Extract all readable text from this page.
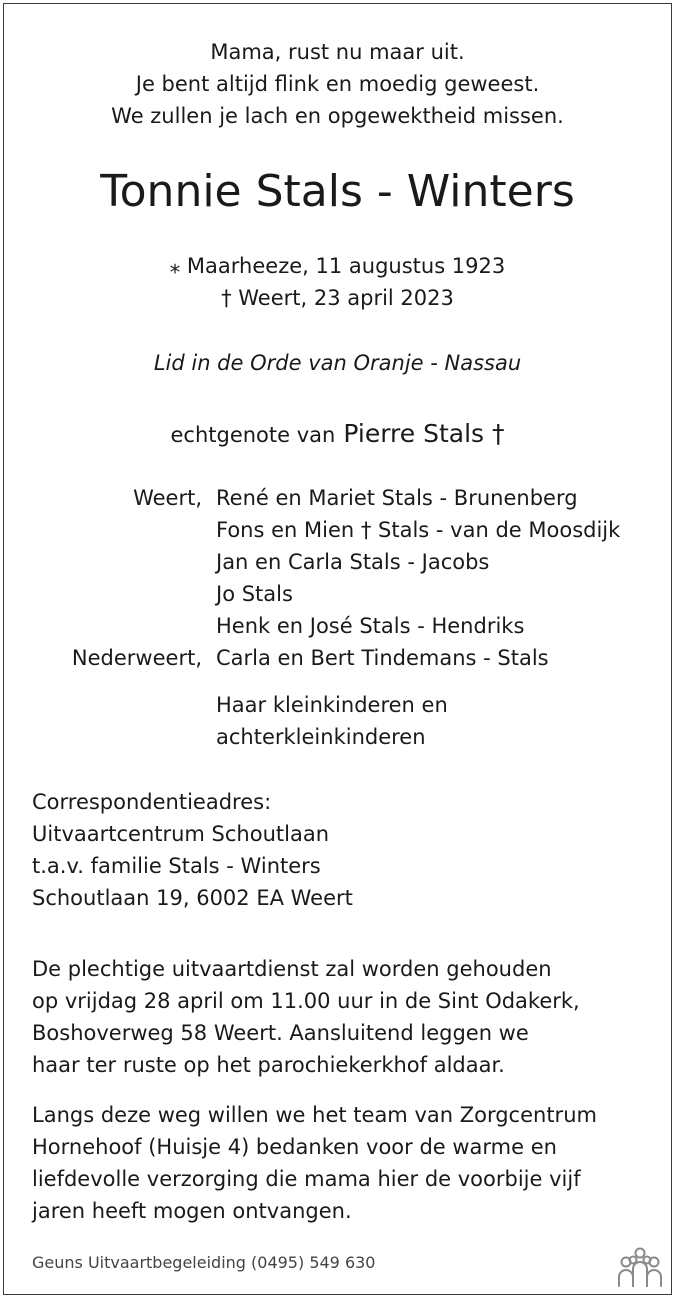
Mama, rust nu maar uit.
Je bent altijd flink en moedig geweest.
We zullen je lach en opgewektheid missen.
Tonnie Stals - Winters
⁎ Maarheeze, 11 augustus 1923
† Weert, 23 april 2023
Lid in de Orde van Oranje - Nassau
echtgenote van Pierre Stals †
Weert, René en Mariet Stals - Brunenberg
Fons en Mien † Stals - van de Moosdijk
Jan en Carla Stals - Jacobs
Jo Stals
Henk en José Stals - Hendriks
Nederweert, Carla en Bert Tindemans - Stals
Haar kleinkinderen en
achterkleinkinderen
Correspondentieadres:
Uitvaartcentrum Schoutlaan
t.a.v. familie Stals - Winters
Schoutlaan 19, 6002 EA Weert
De plechtige uitvaartdienst zal worden gehouden
op vrijdag 28 april om 11.00 uur in de Sint Odakerk,
Boshoverweg 58 Weert. Aansluitend leggen we
haar ter ruste op het parochiekerkhof aldaar.
Langs deze weg willen we het team van Zorgcentrum
Hornehoof (Huisje 4) bedanken voor de warme en
liefdevolle verzorging die mama hier de voorbije vijf
jaren heeft mogen ontvangen.
Geuns Uitvaartbegeleiding (0495) 549 630
